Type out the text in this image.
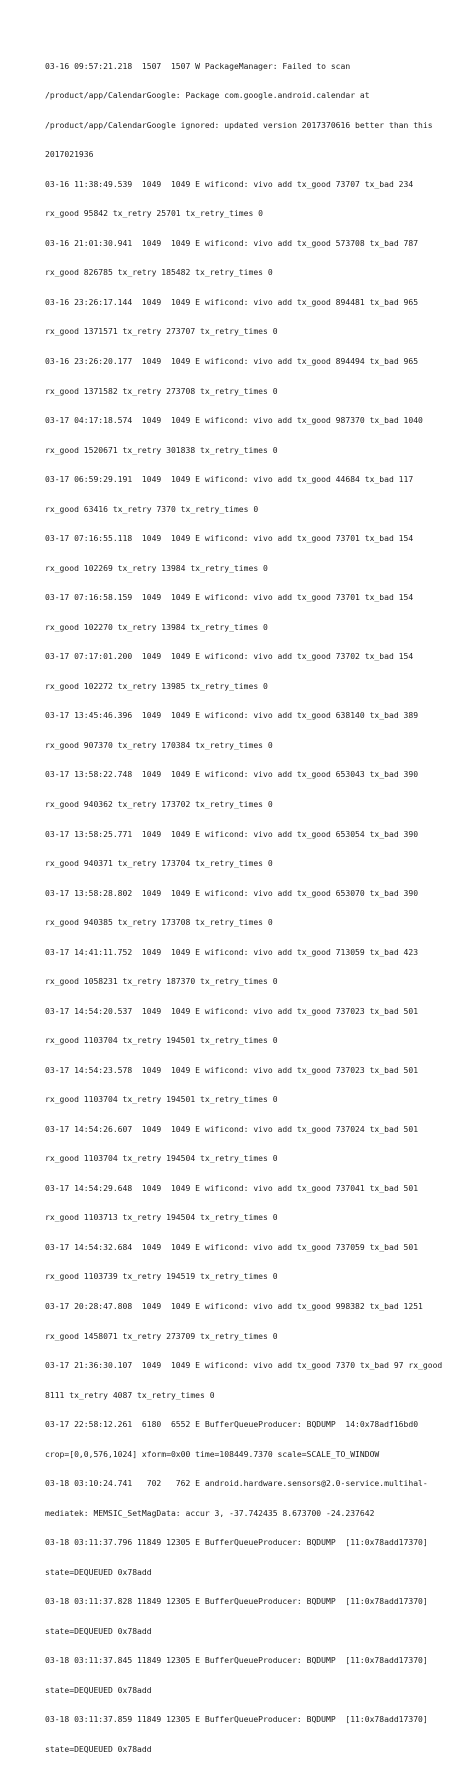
03-16 09:57:21.218  1507  1507 W PackageManager: Failed to scan

/product/app/CalendarGoogle: Package com.google.android.calendar at

/product/app/CalendarGoogle ignored: updated version 2017370616 better than this

2017021936

03-16 11:38:49.539  1049  1049 E wificond: vivo add tx_good 73707 tx_bad 234

rx_good 95842 tx_retry 25701 tx_retry_times 0

03-16 21:01:30.941  1049  1049 E wificond: vivo add tx_good 573708 tx_bad 787

rx_good 826785 tx_retry 185482 tx_retry_times 0

03-16 23:26:17.144  1049  1049 E wificond: vivo add tx_good 894481 tx_bad 965

rx_good 1371571 tx_retry 273707 tx_retry_times 0

03-16 23:26:20.177  1049  1049 E wificond: vivo add tx_good 894494 tx_bad 965

rx_good 1371582 tx_retry 273708 tx_retry_times 0

03-17 04:17:18.574  1049  1049 E wificond: vivo add tx_good 987370 tx_bad 1040

rx_good 1520671 tx_retry 301838 tx_retry_times 0

03-17 06:59:29.191  1049  1049 E wificond: vivo add tx_good 44684 tx_bad 117

rx_good 63416 tx_retry 7370 tx_retry_times 0

03-17 07:16:55.118  1049  1049 E wificond: vivo add tx_good 73701 tx_bad 154

rx_good 102269 tx_retry 13984 tx_retry_times 0

03-17 07:16:58.159  1049  1049 E wificond: vivo add tx_good 73701 tx_bad 154

rx_good 102270 tx_retry 13984 tx_retry_times 0

03-17 07:17:01.200  1049  1049 E wificond: vivo add tx_good 73702 tx_bad 154

rx_good 102272 tx_retry 13985 tx_retry_times 0

03-17 13:45:46.396  1049  1049 E wificond: vivo add tx_good 638140 tx_bad 389

rx_good 907370 tx_retry 170384 tx_retry_times 0

03-17 13:58:22.748  1049  1049 E wificond: vivo add tx_good 653043 tx_bad 390

rx_good 940362 tx_retry 173702 tx_retry_times 0

03-17 13:58:25.771  1049  1049 E wificond: vivo add tx_good 653054 tx_bad 390

rx_good 940371 tx_retry 173704 tx_retry_times 0

03-17 13:58:28.802  1049  1049 E wificond: vivo add tx_good 653070 tx_bad 390

rx_good 940385 tx_retry 173708 tx_retry_times 0

03-17 14:41:11.752  1049  1049 E wificond: vivo add tx_good 713059 tx_bad 423

rx_good 1058231 tx_retry 187370 tx_retry_times 0

03-17 14:54:20.537  1049  1049 E wificond: vivo add tx_good 737023 tx_bad 501

rx_good 1103704 tx_retry 194501 tx_retry_times 0

03-17 14:54:23.578  1049  1049 E wificond: vivo add tx_good 737023 tx_bad 501

rx_good 1103704 tx_retry 194501 tx_retry_times 0

03-17 14:54:26.607  1049  1049 E wificond: vivo add tx_good 737024 tx_bad 501

rx_good 1103704 tx_retry 194504 tx_retry_times 0

03-17 14:54:29.648  1049  1049 E wificond: vivo add tx_good 737041 tx_bad 501

rx_good 1103713 tx_retry 194504 tx_retry_times 0

03-17 14:54:32.684  1049  1049 E wificond: vivo add tx_good 737059 tx_bad 501

rx_good 1103739 tx_retry 194519 tx_retry_times 0

03-17 20:28:47.808  1049  1049 E wificond: vivo add tx_good 998382 tx_bad 1251

rx_good 1458071 tx_retry 273709 tx_retry_times 0

03-17 21:36:30.107  1049  1049 E wificond: vivo add tx_good 7370 tx_bad 97 rx_good

8111 tx_retry 4087 tx_retry_times 0

03-17 22:58:12.261  6180  6552 E BufferQueueProducer: BQDUMP  14:0x78adf16bd0

crop=[0,0,576,1024] xform=0x00 time=108449.7370 scale=SCALE_TO_WINDOW

03-18 03:10:24.741   702   762 E android.hardware.sensors@2.0-service.multihal-

mediatek: MEMSIC_SetMagData: accur 3, -37.742435 8.673700 -24.237642

03-18 03:11:37.796 11849 12305 E BufferQueueProducer: BQDUMP  [11:0x78add17370]

state=DEQUEUED 0x78add

03-18 03:11:37.828 11849 12305 E BufferQueueProducer: BQDUMP  [11:0x78add17370]

state=DEQUEUED 0x78add

03-18 03:11:37.845 11849 12305 E BufferQueueProducer: BQDUMP  [11:0x78add17370]

state=DEQUEUED 0x78add

03-18 03:11:37.859 11849 12305 E BufferQueueProducer: BQDUMP  [11:0x78add17370]

state=DEQUEUED 0x78add
